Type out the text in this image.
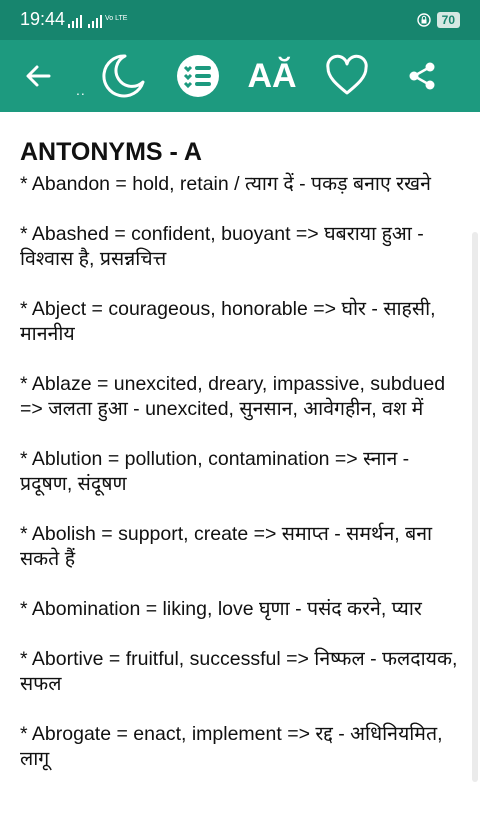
19:44	Vo LTE	70
AĂ
..
ANTONYMS - A

* Abandon = hold, retain / त्याग दें - पकड़ बनाए रखने

* Abashed = confident, buoyant => घबराया हुआ - विश्वास है, प्रसन्नचित्त

* Abject = courageous, honorable => घोर - साहसी, माननीय

* Ablaze = unexcited, dreary, impassive, subdued => जलता हुआ - unexcited, सुनसान, आवेगहीन, वश में

* Ablution = pollution, contamination => स्नान - प्रदूषण, संदूषण

* Abolish = support, create => समाप्त - समर्थन, बना सकते हैं

* Abomination = liking, love घृणा - पसंद करने, प्यार

* Abortive = fruitful, successful => निष्फल - फलदायक, सफल

* Abrogate = enact, implement => रद्द - अधिनियमित, लागू
